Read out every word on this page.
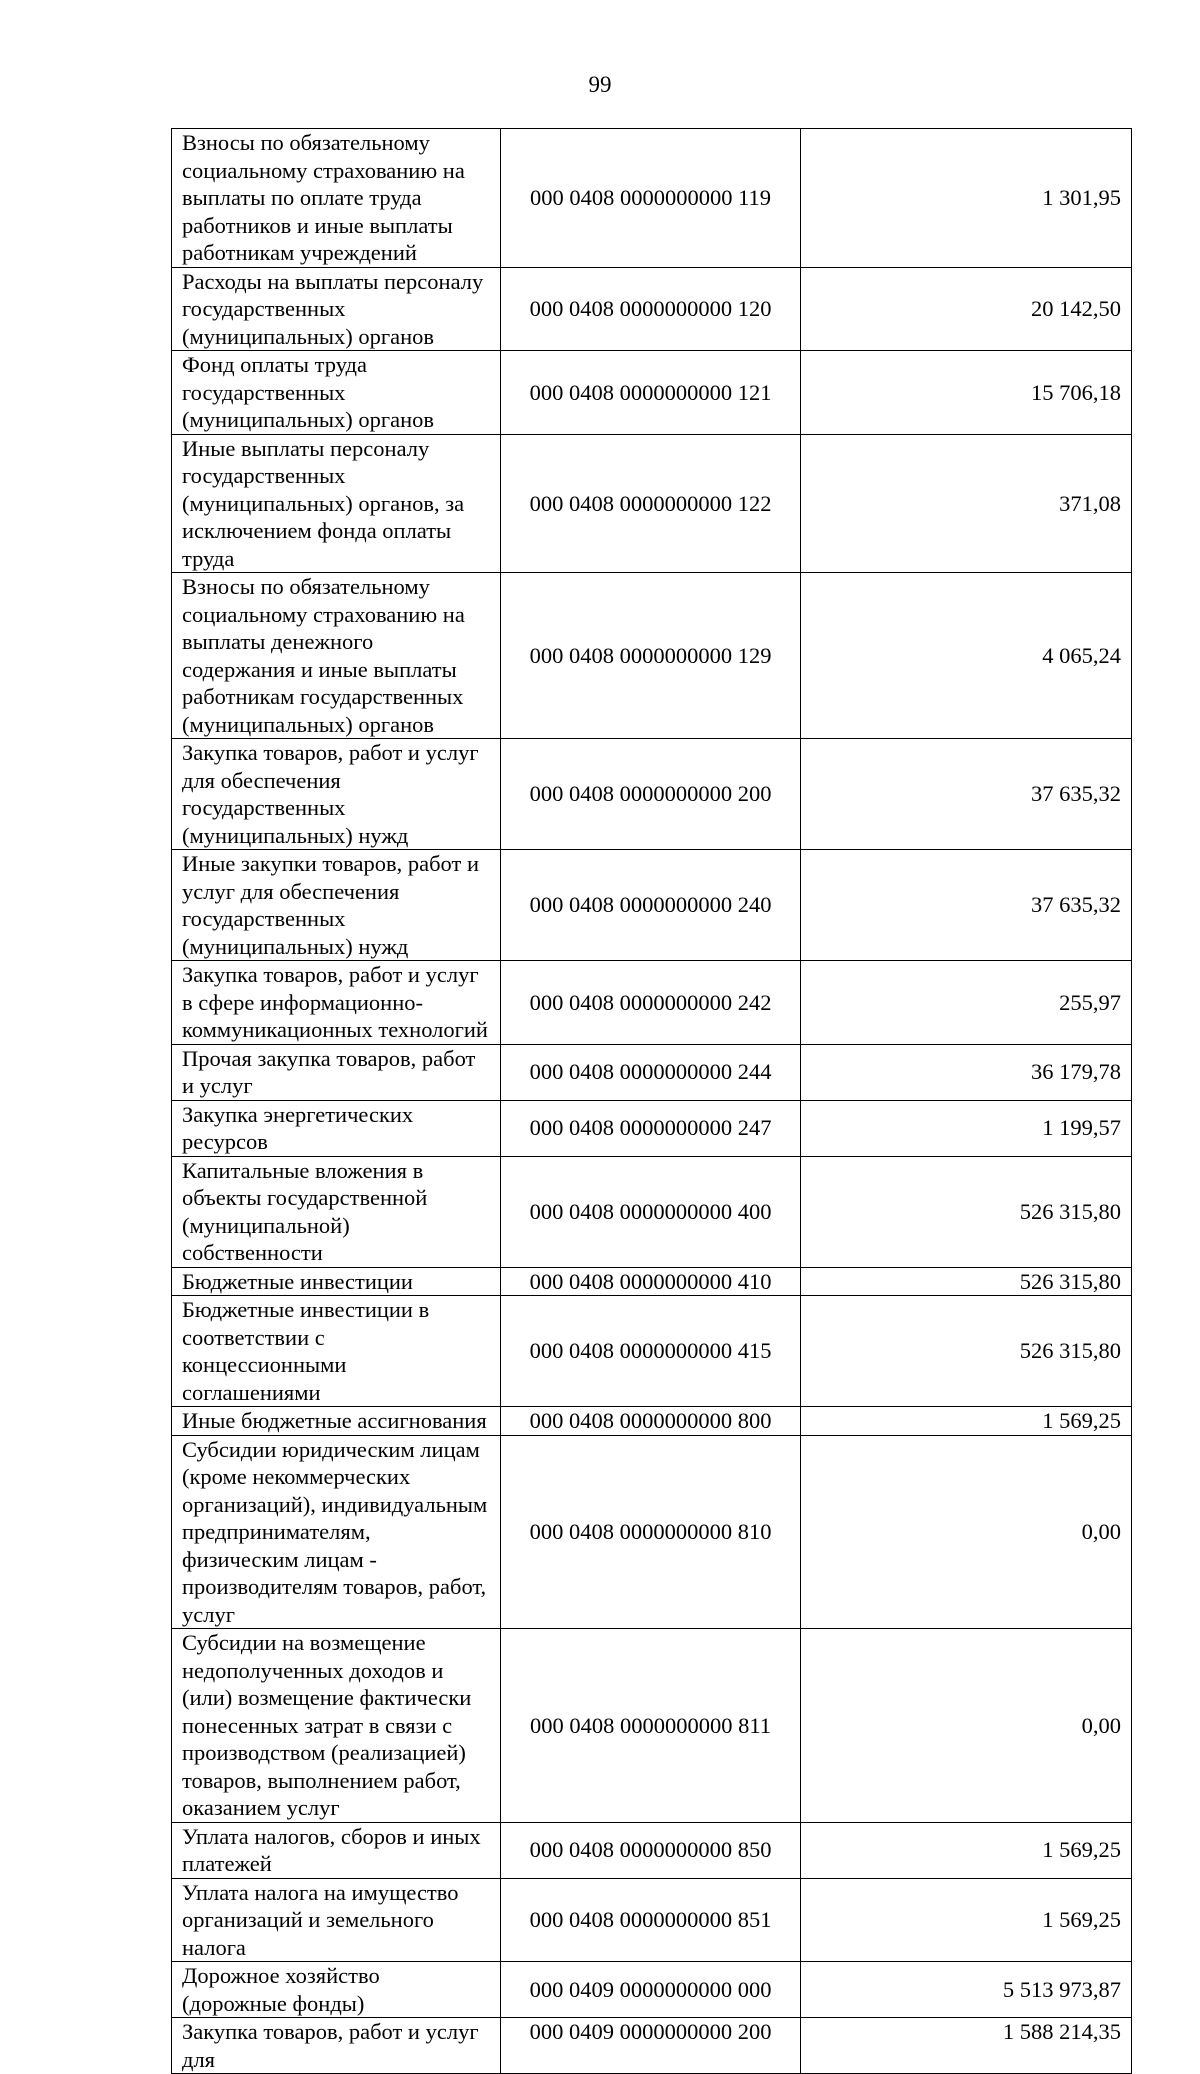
99
Взносы по обязательному социальному страхованию на выплаты по оплате труда работников и иные выплаты работникам учреждений	000 0408 0000000000 119	1 301,95
Расходы на выплаты персоналу государственных (муниципальных) органов	000 0408 0000000000 120	20 142,50
Фонд оплаты труда государственных (муниципальных) органов	000 0408 0000000000 121	15 706,18
Иные выплаты персоналу государственных (муниципальных) органов, за исключением фонда оплаты труда	000 0408 0000000000 122	371,08
Взносы по обязательному социальному страхованию на выплаты денежного содержания и иные выплаты работникам государственных (муниципальных) органов	000 0408 0000000000 129	4 065,24
Закупка товаров, работ и услуг для обеспечения государственных (муниципальных) нужд	000 0408 0000000000 200	37 635,32
Иные закупки товаров, работ и услуг для обеспечения государственных (муниципальных) нужд	000 0408 0000000000 240	37 635,32
Закупка товаров, работ и услуг в сфере информационно-коммуникационных технологий	000 0408 0000000000 242	255,97
Прочая закупка товаров, работ и услуг	000 0408 0000000000 244	36 179,78
Закупка энергетических ресурсов	000 0408 0000000000 247	1 199,57
Капитальные вложения в объекты государственной (муниципальной) собственности	000 0408 0000000000 400	526 315,80
Бюджетные инвестиции	000 0408 0000000000 410	526 315,80
Бюджетные инвестиции в соответствии с концессионными соглашениями	000 0408 0000000000 415	526 315,80
Иные бюджетные ассигнования	000 0408 0000000000 800	1 569,25
Субсидии юридическим лицам (кроме некоммерческих организаций), индивидуальным предпринимателям, физическим лицам - производителям товаров, работ, услуг	000 0408 0000000000 810	0,00
Субсидии на возмещение недополученных доходов и (или) возмещение фактически понесенных затрат в связи с производством (реализацией) товаров, выполнением работ, оказанием услуг	000 0408 0000000000 811	0,00
Уплата налогов, сборов и иных платежей	000 0408 0000000000 850	1 569,25
Уплата налога на имущество организаций и земельного налога	000 0408 0000000000 851	1 569,25
Дорожное хозяйство (дорожные фонды)	000 0409 0000000000 000	5 513 973,87
Закупка товаров, работ и услуг для	000 0409 0000000000 200	1 588 214,35
